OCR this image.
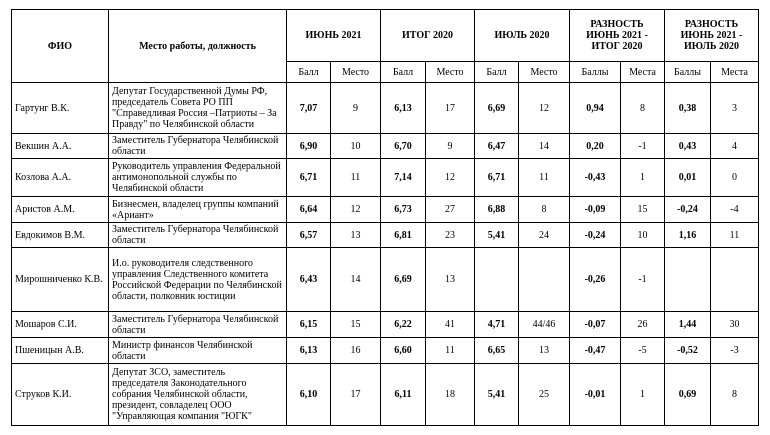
ФИО	Место работы, должность	ИЮНЬ 2021		ИТОГ 2020		ИЮЛЬ 2020		РАЗНОСТЬ ИЮНЬ 2021 - ИТОГ 2020		РАЗНОСТЬ ИЮНЬ 2021 - ИЮЛЬ 2020	
		Балл	Место	Балл	Место	Балл	Место	Баллы	Места	Баллы	Места
Гартунг В.К.	Депутат Государственной Думы РФ, председатель Совета РО ПП "Справедливая Россия –Патриоты – За Правду" по Челябинской области	7,07	9	6,13	17	6,69	12	0,94	8	0,38	3
Векшин А.А.	Заместитель Губернатора Челябинской области	6,90	10	6,70	9	6,47	14	0,20	-1	0,43	4
Козлова А.А.	Руководитель управления Федеральной антимонопольной службы по Челябинской области	6,71	11	7,14	12	6,71	11	-0,43	1	0,01	0
Аристов А.М.	Бизнесмен, владелец группы компаний «Ариант»	6,64	12	6,73	27	6,88	8	-0,09	15	-0,24	-4
Евдокимов В.М.	Заместитель Губернатора Челябинской области	6,57	13	6,81	23	5,41	24	-0,24	10	1,16	11
Мирошниченко К.В.	И.о. руководителя следственного управления Следственного комитета Российской Федерации по Челябинской области, полковник юстиции	6,43	14	6,69	13			-0,26	-1		
Мошаров С.И.	Заместитель Губернатора Челябинской области	6,15	15	6,22	41	4,71	44/46	-0,07	26	1,44	30
Пшеницын А.В.	Министр финансов Челябинской области	6,13	16	6,60	11	6,65	13	-0,47	-5	-0,52	-3
Струков К.И.	Депутат ЗСО, заместитель председателя Законодательного собрания Челябинской области, президент, совладелец ООО "Управляющая компания "ЮГК"	6,10	17	6,11	18	5,41	25	-0,01	1	0,69	8
